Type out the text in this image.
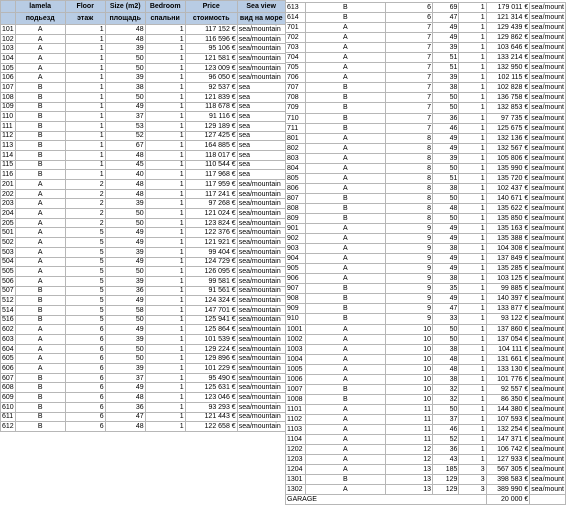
	lamela	Floor	Size (m2)	Bedroom	Price	Sea view
	подьезд	этаж	площадь	спальни	стоимость	вид на море
101	A	1	48	1	117 152 €	sea/mountain
102	A	1	48	1	116 596 €	sea/mountain
103	A	1	39	1	95 106 €	sea/mountain
104	A	1	50	1	121 581 €	sea/mountain
105	A	1	50	1	123 009 €	sea/mountain
106	A	1	39	1	96 050 €	sea/mountain
107	B	1	38	1	92 537 €	sea
108	B	1	50	1	121 839 €	sea
109	B	1	49	1	118 678 €	sea
110	B	1	37	1	91 116 €	sea
111	B	1	53	1	129 189 €	sea
112	B	1	52	1	127 425 €	sea
113	B	1	67	1	164 885 €	sea
114	B	1	48	1	118 017 €	sea
115	B	1	45	1	110 544 €	sea
116	B	1	40	1	117 968 €	sea
201	A	2	48	1	117 959 €	sea/mountain
202	A	2	48	1	117 241 €	sea/mountain
203	A	2	39	1	97 268 €	sea/mountain
204	A	2	50	1	121 024 €	sea/mountain
205	A	2	50	1	123 824 €	sea/mountain
501	A	5	49	1	122 376 €	sea/mountain
502	A	5	49	1	121 921 €	sea/mountain
503	A	5	39	1	99 404 €	sea/mountain
504	A	5	49	1	124 729 €	sea/mountain
505	A	5	50	1	126 095 €	sea/mountain
506	A	5	39	1	99 581 €	sea/mountain
507	B	5	36	1	91 561 €	sea/mountain
512	B	5	49	1	124 324 €	sea/mountain
514	B	5	58	1	147 701 €	sea/mountain
516	B	5	50	1	125 941 €	sea/mountain
602	A	6	49	1	125 864 €	sea/mountain
603	A	6	39	1	101 539 €	sea/mountain
604	A	6	50	1	129 224 €	sea/mountain
605	A	6	50	1	129 896 €	sea/mountain
606	A	6	39	1	101 229 €	sea/mountain
607	B	6	37	1	95 490 €	sea/mountain
608	B	6	49	1	125 631 €	sea/mountain
609	B	6	48	1	123 046 €	sea/mountain
610	B	6	36	1	93 293 €	sea/mountain
611	B	6	47	1	121 443 €	sea/mountain
612	B	6	48	1	122 658 €	sea/mountain
613	B	6	69	1	179 011 €	sea/mount
614	B	6	47	1	121 314 €	sea/mount
701	A	7	49	1	129 439 €	sea/mount
702	A	7	49	1	129 862 €	sea/mount
703	A	7	39	1	103 646 €	sea/mount
704	A	7	51	1	133 214 €	sea/mount
705	A	7	51	1	132 950 €	sea/mount
706	A	7	39	1	102 115 €	sea/mount
707	B	7	38	1	102 828 €	sea/mount
708	B	7	50	1	136 758 €	sea/mount
709	B	7	50	1	132 853 €	sea/mount
710	B	7	36	1	97 735 €	sea/mount
711	B	7	46	1	125 675 €	sea/mount
801	A	8	49	1	132 136 €	sea/mount
802	A	8	49	1	132 567 €	sea/mount
803	A	8	39	1	105 806 €	sea/mount
804	A	8	50	1	135 990 €	sea/mount
805	A	8	51	1	135 720 €	sea/mount
806	A	8	38	1	102 437 €	sea/mount
807	B	8	50	1	140 671 €	sea/mount
808	B	8	48	1	135 622 €	sea/mount
809	B	8	50	1	135 850 €	sea/mount
901	A	9	49	1	135 163 €	sea/mount
902	A	9	49	1	135 388 €	sea/mount
903	A	9	38	1	104 308 €	sea/mount
904	A	9	49	1	137 849 €	sea/mount
905	A	9	49	1	135 285 €	sea/mount
906	A	9	38	1	103 125 €	sea/mount
907	B	9	35	1	99 885 €	sea/mount
908	B	9	49	1	140 397 €	sea/mount
909	B	9	47	1	133 877 €	sea/mount
910	B	9	33	1	93 122 €	sea/mount
1001	A	10	50	1	137 860 €	sea/mount
1002	A	10	50	1	137 054 €	sea/mount
1003	A	10	38	1	104 111 €	sea/mount
1004	A	10	48	1	131 661 €	sea/mount
1005	A	10	48	1	133 130 €	sea/mount
1006	A	10	38	1	101 776 €	sea/mount
1007	B	10	32	1	92 557 €	sea/mount
1008	B	10	32	1	86 350 €	sea/mount
1101	A	11	50	1	144 380 €	sea/mount
1102	A	11	37	1	107 593 €	sea/mount
1103	A	11	46	1	132 254 €	sea/mount
1104	A	11	52	1	147 371 €	sea/mount
1202	A	12	36	1	106 742 €	sea/mount
1203	A	12	43	1	127 933 €	sea/mount
1204	A	13	185	3	567 305 €	sea/mount
1301	B	13	129	3	398 583 €	sea/mount
1302	A	13	129	3	389 990 €	sea/mount
GARAGE					20 000 €	
